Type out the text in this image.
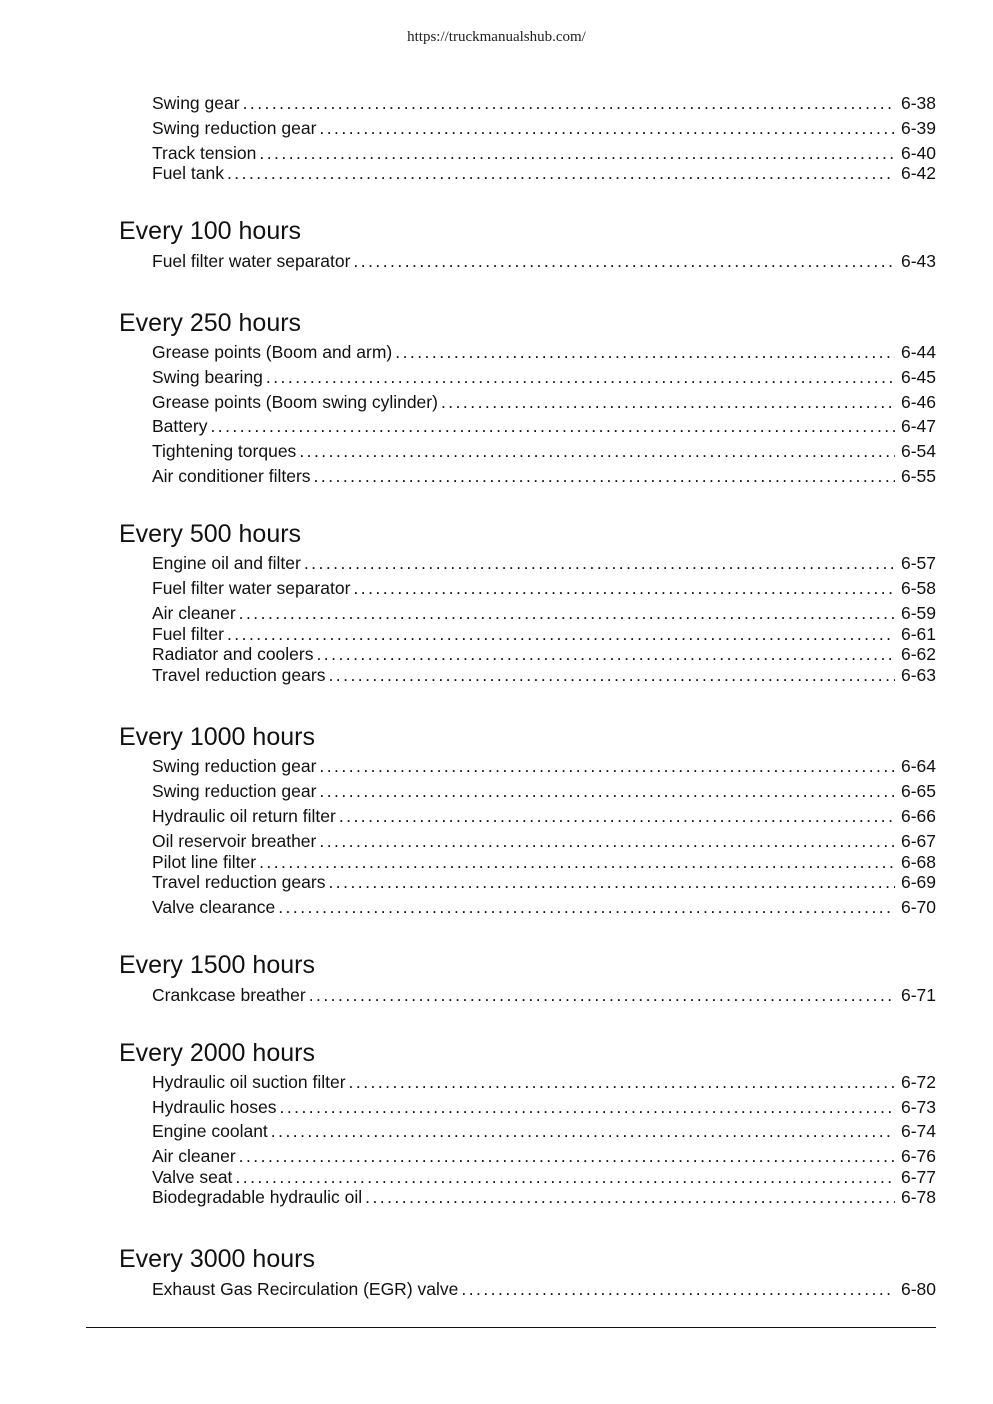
https://truckmanualshub.com/
Swing gear . . .	6-38
Swing reduction gear . . .	6-39
Track tension . . .	6-40
Fuel tank . . .	6-42
Every 100 hours
Fuel filter water separator . . .	6-43
Every 250 hours
Grease points (Boom and arm) . . .	6-44
Swing bearing . . .	6-45
Grease points (Boom swing cylinder) . . .	6-46
Battery . . .	6-47
Tightening torques . . .	6-54
Air conditioner filters . . .	6-55
Every 500 hours
Engine oil and filter . . .	6-57
Fuel filter water separator . . .	6-58
Air cleaner . . .	6-59
Fuel filter . . .	6-61
Radiator and coolers . . .	6-62
Travel reduction gears . . .	6-63
Every 1000 hours
Swing reduction gear . . .	6-64
Swing reduction gear . . .	6-65
Hydraulic oil return filter . . .	6-66
Oil reservoir breather . . .	6-67
Pilot line filter . . .	6-68
Travel reduction gears . . .	6-69
Valve clearance . . .	6-70
Every 1500 hours
Crankcase breather . . .	6-71
Every 2000 hours
Hydraulic oil suction filter . . .	6-72
Hydraulic hoses . . .	6-73
Engine coolant . . .	6-74
Air cleaner . . .	6-76
Valve seat . . .	6-77
Biodegradable hydraulic oil . . .	6-78
Every 3000 hours
Exhaust Gas Recirculation (EGR) valve . . .	6-80
